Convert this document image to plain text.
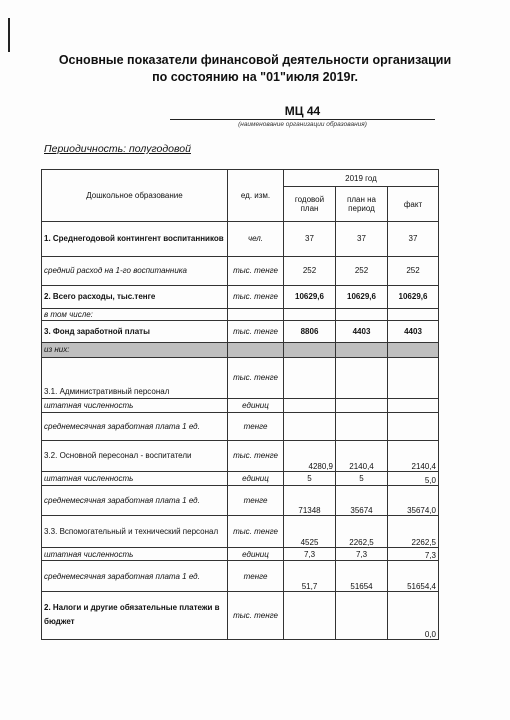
Основные показатели финансовой деятельности организации
по состоянию на "01"июля 2019г.
МЦ 44
(наименование организации образования)
Периодичность: полугодовой
Дошкольное образование	ед. изм.	2019 год		
		годовой план	план на период	факт
1. Среднегодовой контингент воспитанников	чел.	37	37	37
средний расход на 1-го воспитанника	тыс. тенге	252	252	252
2. Всего расходы, тыс.тенге	тыс. тенге	10629,6	10629,6	10629,6
в том числе:				
3. Фонд заработной платы	тыс. тенге	8806	4403	4403
из них:				
3.1. Административный персонал	тыс. тенге			
штатная численность	единиц			
среднемесячная заработная плата 1 ед.	тенге			
3.2. Основной пересонал - воспитатели	тыс. тенге	4280,9	2140,4	2140,4
штатная численность	единиц	5	5	5,0
среднемесячная заработная плата 1 ед.	тенге	71348	35674	35674,0
3.3. Вспомогательный и технический персонал	тыс. тенге	4525	2262,5	2262,5
штатная численность	единиц	7,3	7,3	7,3
среднемесячная заработная плата 1 ед.	тенге	51,7	51654	51654,4
2. Налоги и другие обязательные платежи в бюджет	тыс. тенге			0,0
